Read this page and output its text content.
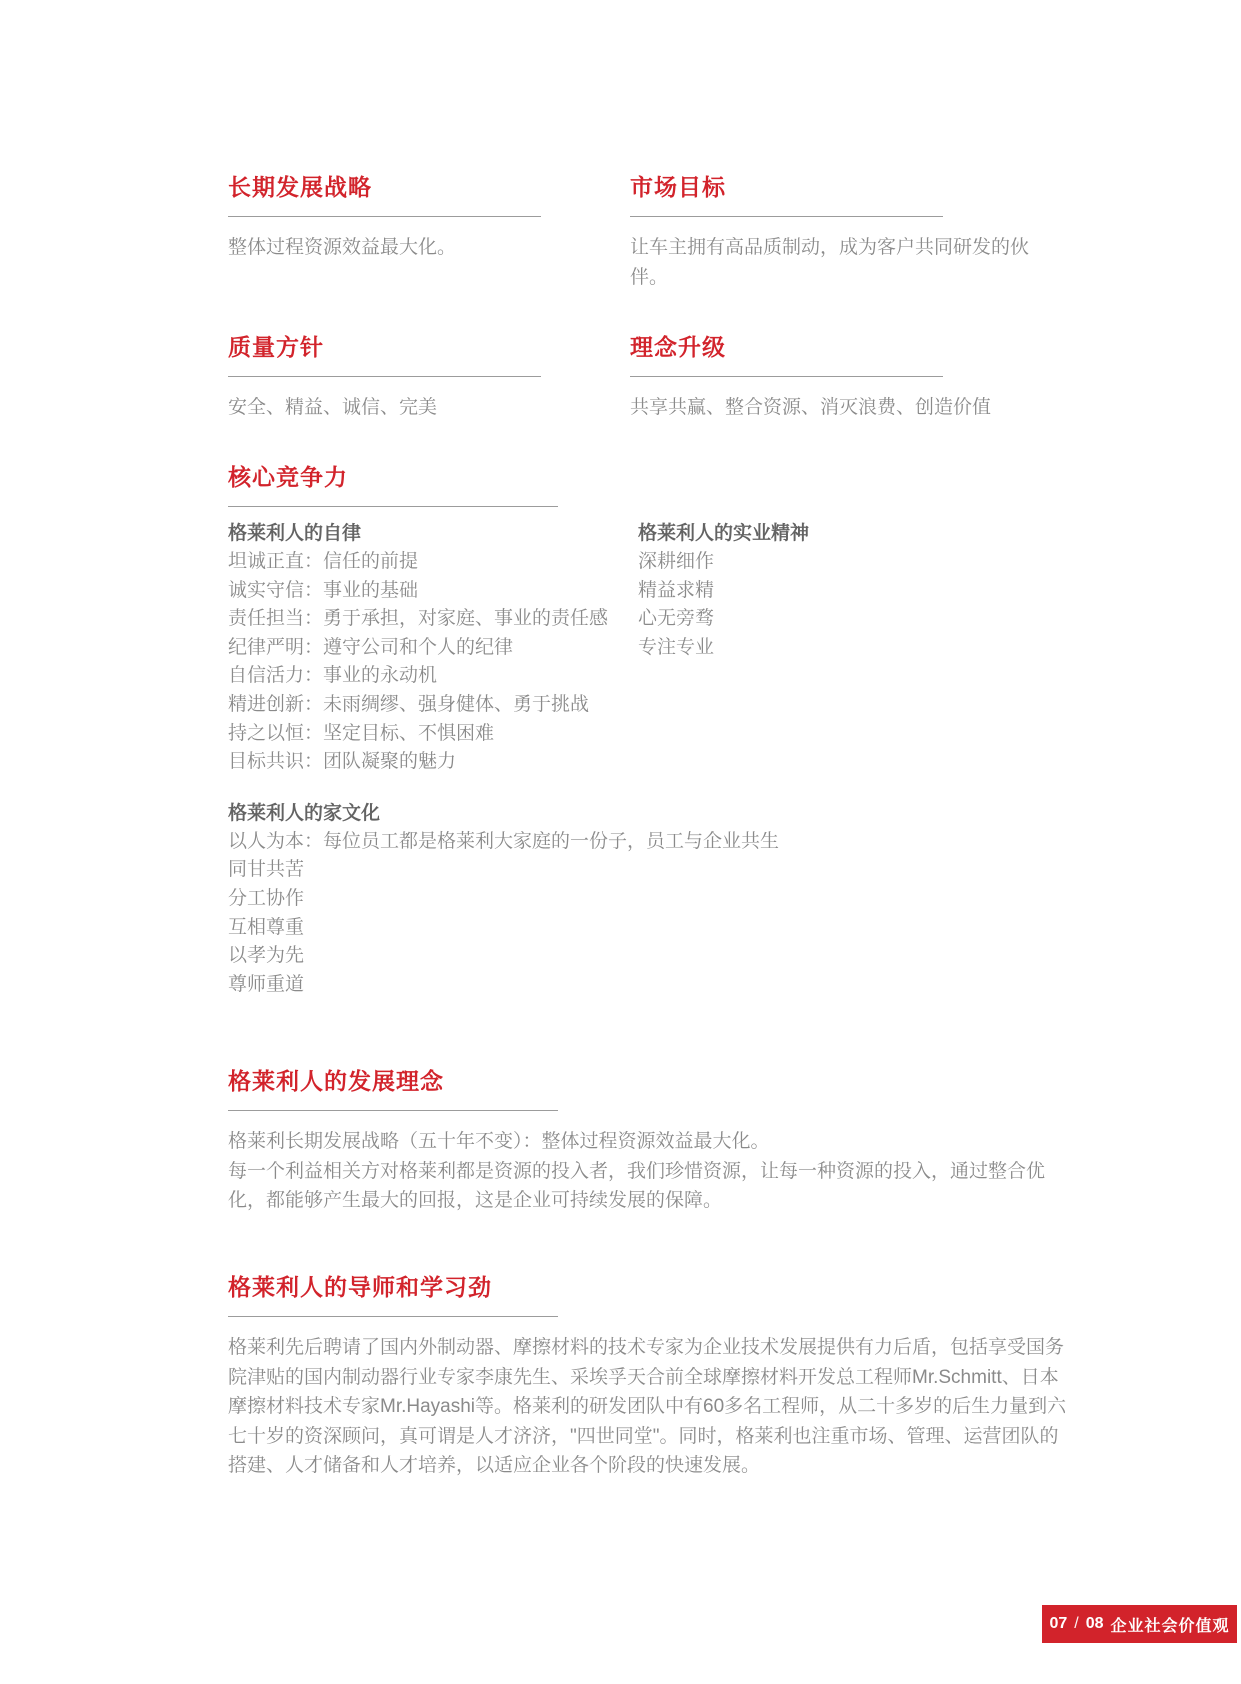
长期发展战略

整体过程资源效益最大化。

市场目标

让车主拥有高品质制动，成为客户共同研发的伙伴。

质量方针

安全、精益、诚信、完美

理念升级

共享共赢、整合资源、消灭浪费、创造价值

核心竞争力
格莱利人的自律
坦诚正直：信任的前提
诚实守信：事业的基础
责任担当：勇于承担，对家庭、事业的责任感
纪律严明：遵守公司和个人的纪律
自信活力：事业的永动机
精进创新：未雨绸缪、强身健体、勇于挑战
持之以恒：坚定目标、不惧困难
目标共识：团队凝聚的魅力
格莱利人的实业精神
深耕细作
精益求精
心无旁骛
专注专业
格莱利人的家文化
以人为本：每位员工都是格莱利大家庭的一份子，员工与企业共生
同甘共苦
分工协作
互相尊重
以孝为先
尊师重道
格莱利人的发展理念
格莱利长期发展战略（五十年不变）：整体过程资源效益最大化。
每一个利益相关方对格莱利都是资源的投入者，我们珍惜资源，让每一种资源的投入，通过整合优化，都能够产生最大的回报，这是企业可持续发展的保障。
格莱利人的导师和学习劲

格莱利先后聘请了国内外制动器、摩擦材料的技术专家为企业技术发展提供有力后盾，包括享受国务院津贴的国内制动器行业专家李康先生、采埃孚天合前全球摩擦材料开发总工程师Mr.Schmitt、日本摩擦材料技术专家Mr.Hayashi等。格莱利的研发团队中有60多名工程师，从二十多岁的后生力量到六七十岁的资深顾问，真可谓是人才济济，"四世同堂"。同时，格莱利也注重市场、管理、运营团队的搭建、人才储备和人才培养，以适应企业各个阶段的快速发展。

07 / 08 企业社会价值观
